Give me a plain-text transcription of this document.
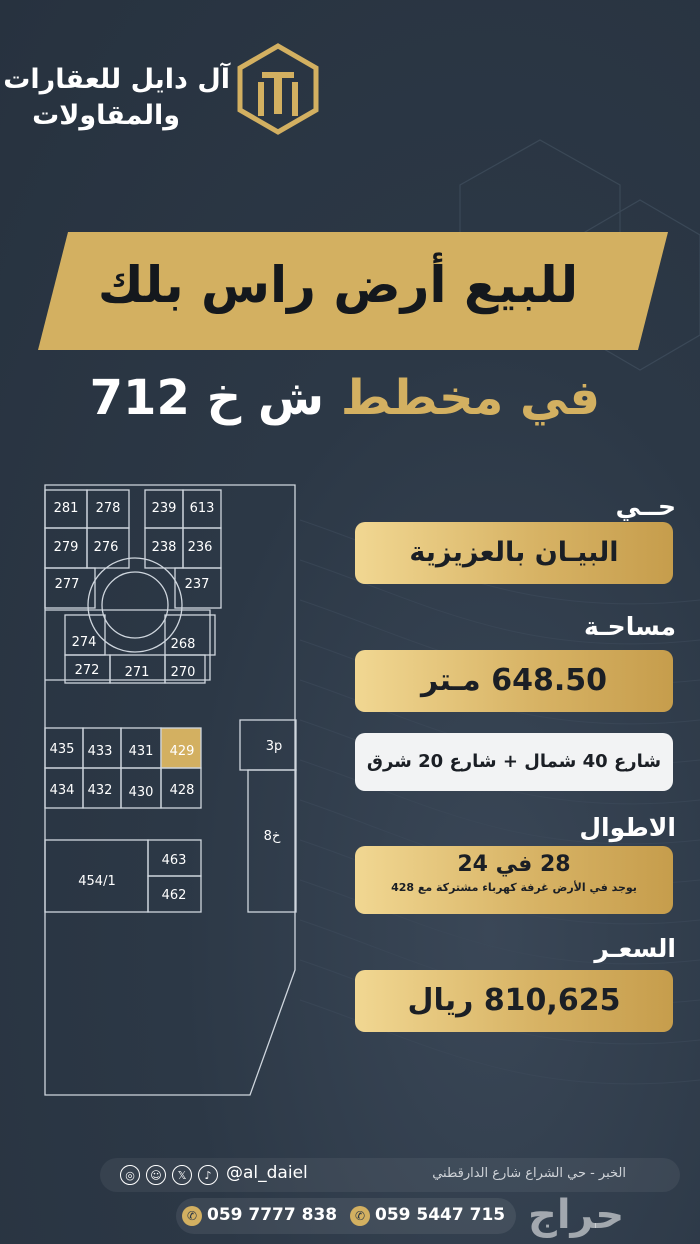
آل دايل للعقارات
والمقاولات
للبيع أرض راس بلك
في مخطط ش خ 712
281 278 239 613
279 276	238 236
277	237
274	268
272 271 270
435 433 431 429
434 432 430 428
463
454/1
462
3p
8خ
حــي
البيـان بالعزيزية
مساحـة
648.50 مـتر
شارع 40 شمال + شارع 20 شرق
الاطوال
28 في 24
يوجد في الأرض غرفة كهرباء مشتركة مع 428
السعـر
810,625 ريال
الخبر - حي الشراع شارع الدارقطني
@al_daiel
◎	☺	𝕏	♪
✆ 059 7777 838	✆ 059 5447 715 حراج
